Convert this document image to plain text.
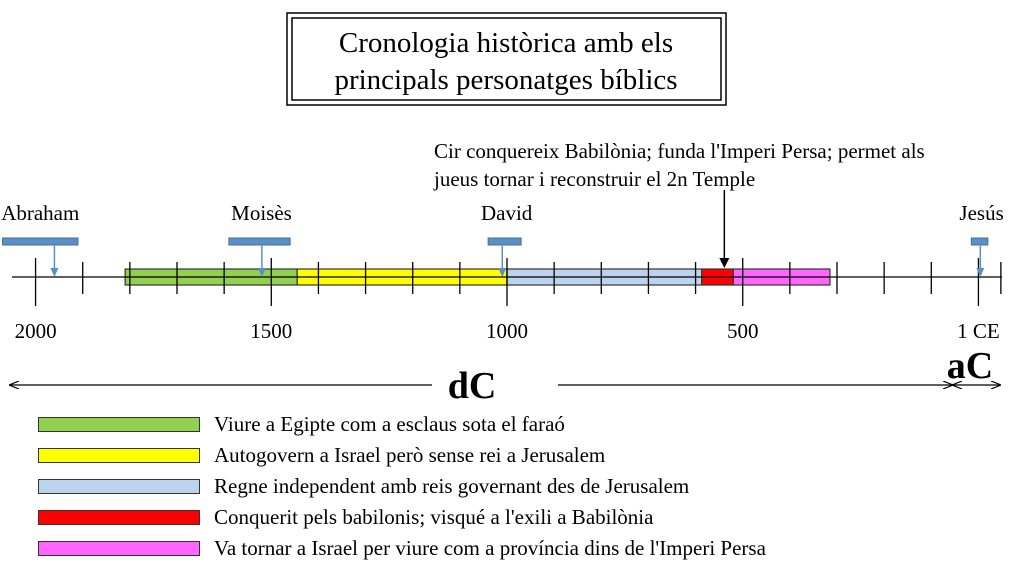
Cronologia històrica amb els
principals personatges bíblics
Cir conquereix Babilònia; funda l'Imperi Persa; permet als
jueus tornar i reconstruir el 2n Temple
Abraham	Moisès	David	Jesús
2000	1500	1000	500	1 CE
dC	aC
Viure a Egipte com a esclaus sota el faraó
Autogovern a Israel però sense rei a Jerusalem
Regne independent amb reis governant des de Jerusalem
Conquerit pels babilonis; visqué a l'exili a Babilònia
Va tornar a Israel per viure com a província dins de l'Imperi Persa
